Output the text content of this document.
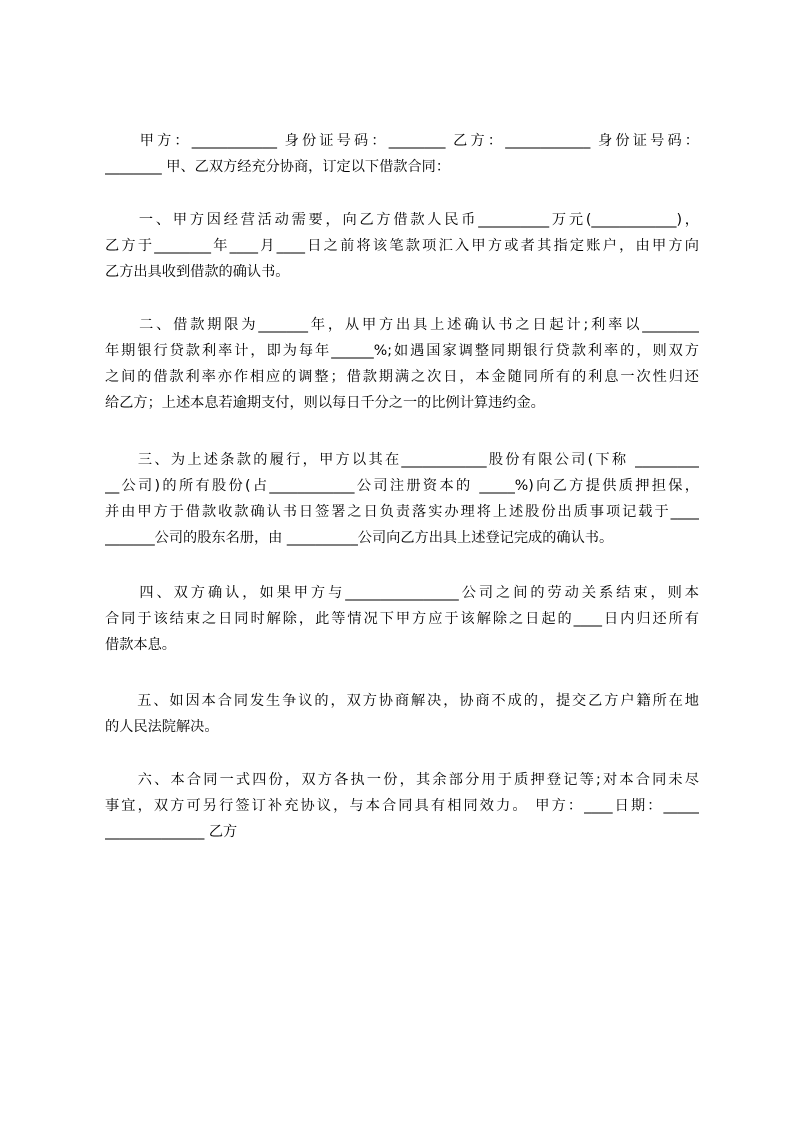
　　甲方：____________ 身份证号码：________ 乙方：____________ 身份证号码：
________ 甲、乙双方经充分协商，订定以下借款合同：
　　一、甲方因经营活动需要，向乙方借款人民币__________万元(____________)，
乙方于________年____月____日之前将该笔款项汇入甲方或者其指定账户，由甲方向
乙方出具收到借款的确认书。
　　二、借款期限为_______年，从甲方出具上述确认书之日起计;利率以________
年期银行贷款利率计，即为每年______%;如遇国家调整同期银行贷款利率的，则双方
之间的借款利率亦作相应的调整；借款期满之次日，本金随同所有的利息一次性归还
给乙方；上述本息若逾期支付，则以每日千分之一的比例计算违约金。
　　三、为上述条款的履行，甲方以其在____________股份有限公司(下称 _________
__公司)的所有股份(占____________公司注册资本的 _____%)向乙方提供质押担保，
并由甲方于借款收款确认书日签署之日负责落实办理将上述股份出质事项记载于____
_______公司的股东名册，由 __________公司向乙方出具上述登记完成的确认书。
　　四、双方确认，如果甲方与________________公司之间的劳动关系结束，则本
合同于该结束之日同时解除，此等情况下甲方应于该解除之日起的____日内归还所有
借款本息。
　　五、如因本合同发生争议的，双方协商解决，协商不成的，提交乙方户籍所在地
的人民法院解决。
　　六、本合同一式四份，双方各执一份，其余部分用于质押登记等;对本合同未尽
事宜，双方可另行签订补充协议，与本合同具有相同效力。 甲方：____日期：_____
______________ 乙方
